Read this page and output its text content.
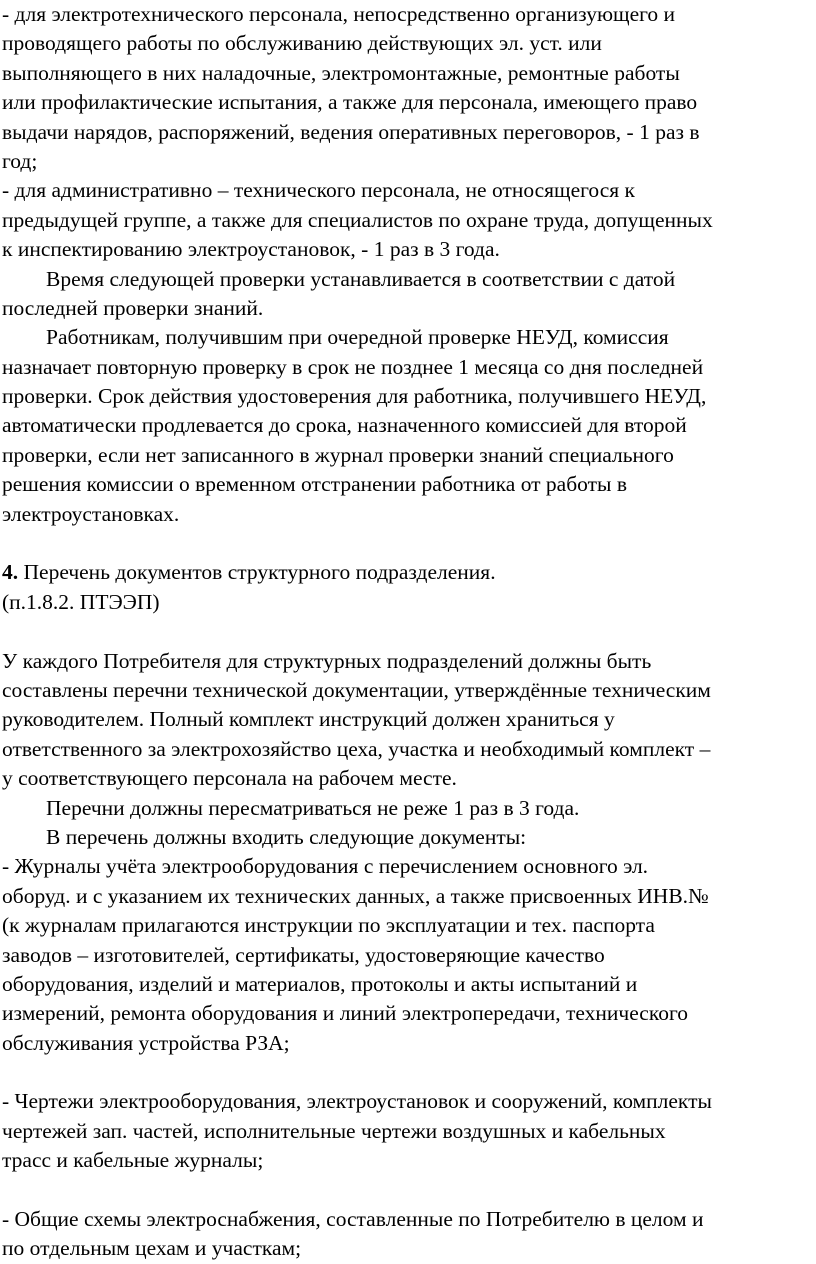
- для электротехнического персонала, непосредственно организующего и
проводящего работы по обслуживанию действующих эл. уст. или
выполняющего в них наладочные, электромонтажные, ремонтные работы
или профилактические испытания, а также для персонала, имеющего право
выдачи нарядов, распоряжений, ведения оперативных переговоров, - 1 раз в
год;
- для административно – технического персонала, не относящегося к
предыдущей группе, а также для специалистов по охране труда, допущенных
к инспектированию электроустановок, - 1 раз в 3 года.
Время следующей проверки устанавливается в соответствии с датой
последней проверки знаний.
Работникам, получившим при очередной проверке НЕУД, комиссия
назначает повторную проверку в срок не позднее 1 месяца со дня последней
проверки. Срок действия удостоверения для работника, получившего НЕУД,
автоматически продлевается до срока, назначенного комиссией для второй
проверки, если нет записанного в журнал проверки знаний специального
решения комиссии о временном отстранении работника от работы в
электроустановках.
4. Перечень документов структурного подразделения.
(п.1.8.2. ПТЭЭП)
У каждого Потребителя для структурных подразделений должны быть
составлены перечни технической документации, утверждённые техническим
руководителем. Полный комплект инструкций должен храниться у
ответственного за электрохозяйство цеха, участка и необходимый комплект –
у соответствующего персонала на рабочем месте.
Перечни должны пересматриваться не реже 1 раз в 3 года.
В перечень должны входить следующие документы:
- Журналы учёта электрооборудования с перечислением основного эл.
оборуд. и с указанием их технических данных, а также присвоенных ИНВ.№
(к журналам прилагаются инструкции по эксплуатации и тех. паспорта
заводов – изготовителей, сертификаты, удостоверяющие качество
оборудования, изделий и материалов, протоколы и акты испытаний и
измерений, ремонта оборудования и линий электропередачи, технического
обслуживания устройства РЗА;
- Чертежи электрооборудования, электроустановок и сооружений, комплекты
чертежей зап. частей, исполнительные чертежи воздушных и кабельных
трасс и кабельные журналы;
- Общие схемы электроснабжения, составленные по Потребителю в целом и
по отдельным цехам и участкам;
